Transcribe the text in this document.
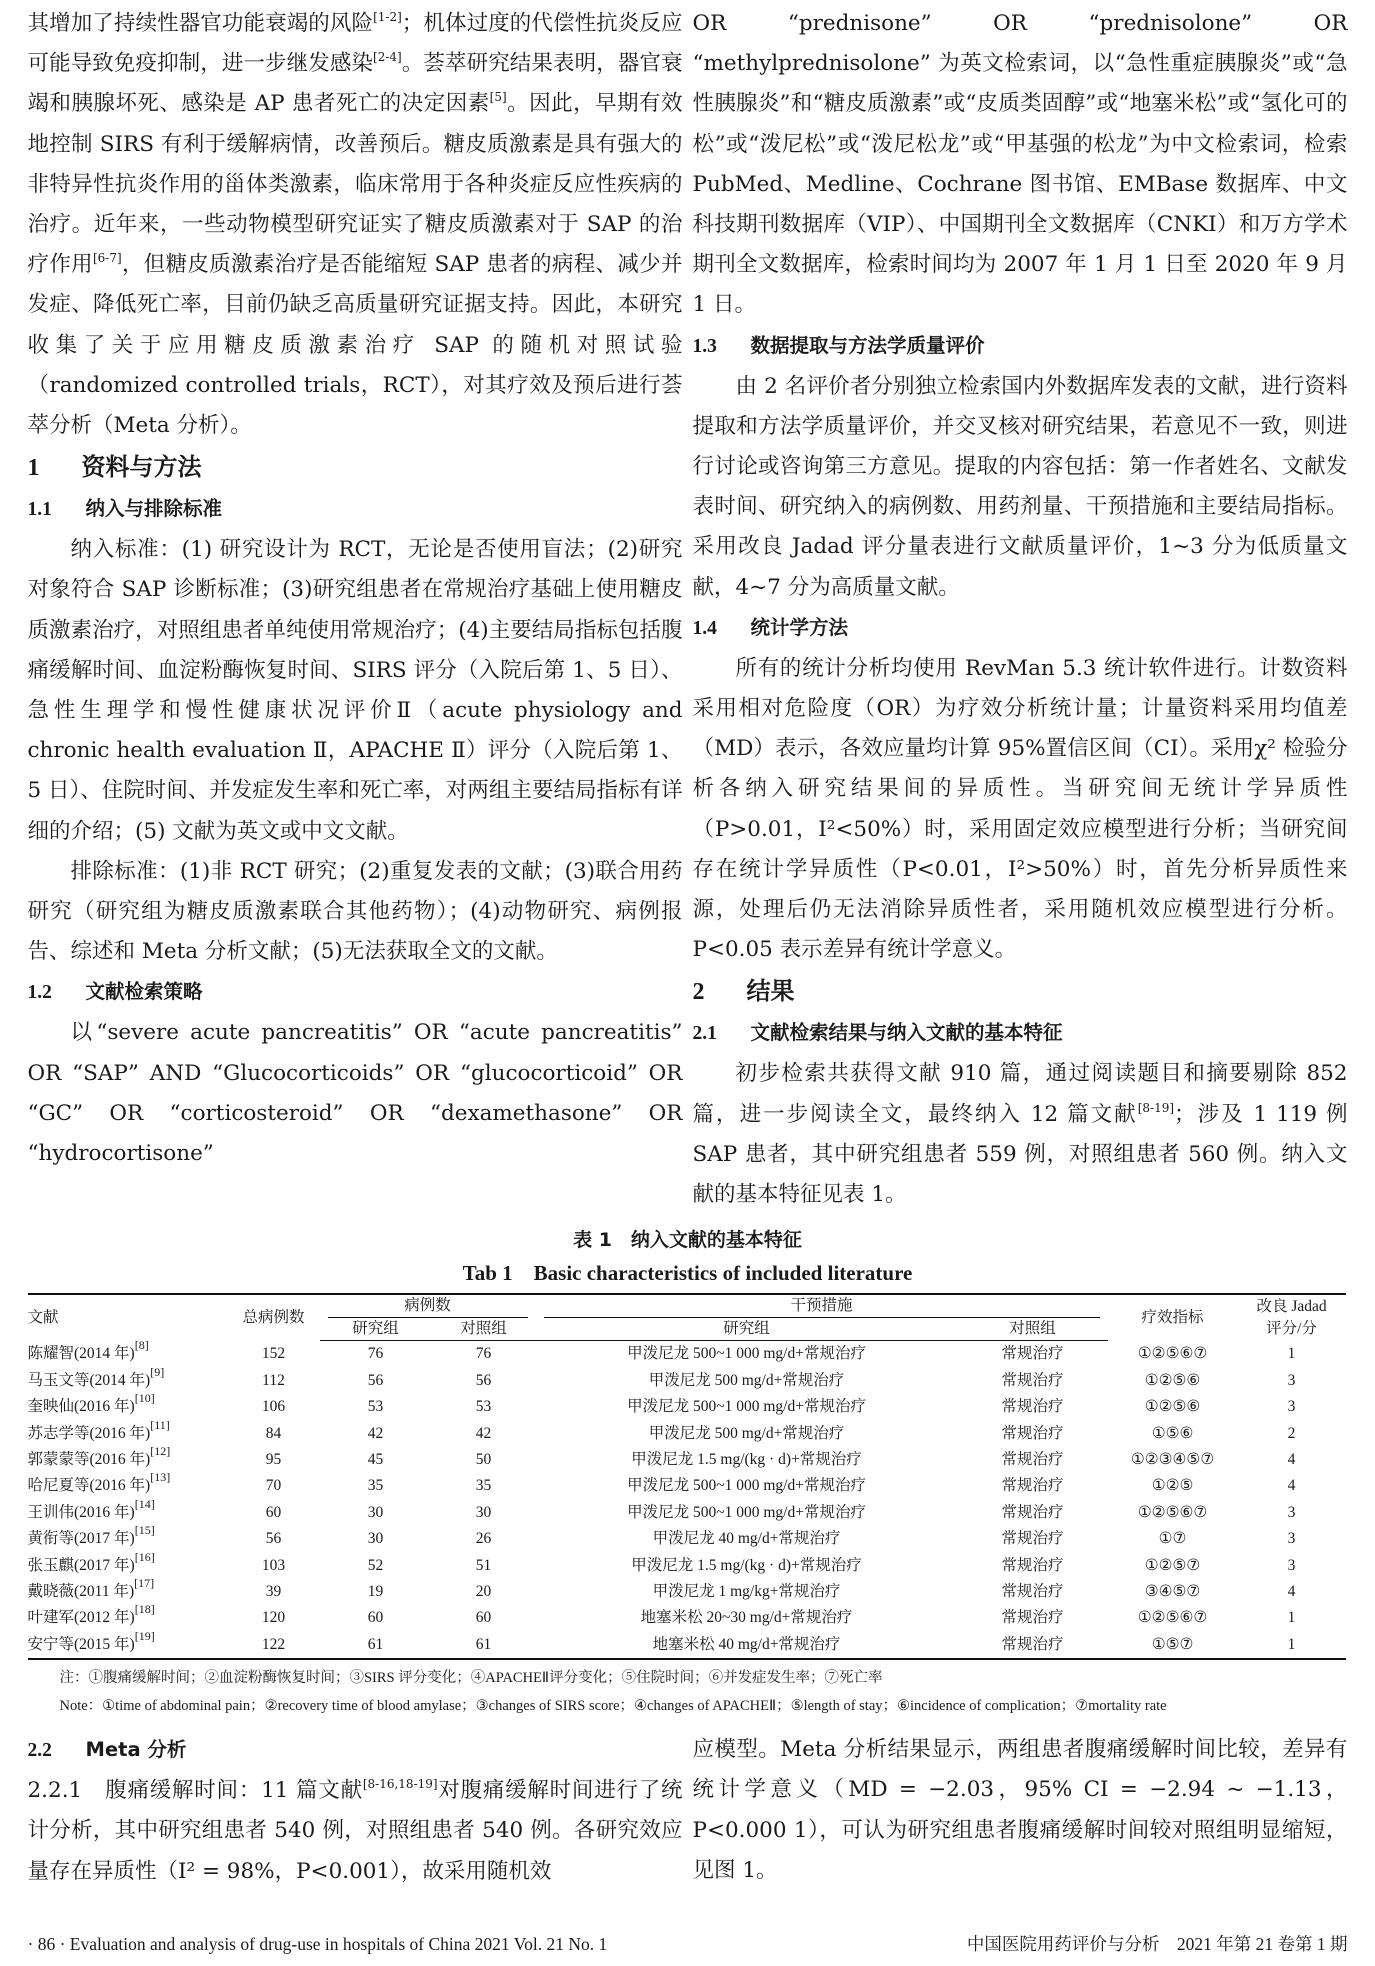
其增加了持续性器官功能衰竭的风险[1-2]；机体过度的代偿性抗炎反应可能导致免疫抑制，进一步继发感染[2-4]。荟萃研究结果表明，器官衰竭和胰腺坏死、感染是 AP 患者死亡的决定因素[5]。因此，早期有效地控制 SIRS 有利于缓解病情，改善预后。糖皮质激素是具有强大的非特异性抗炎作用的甾体类激素，临床常用于各种炎症反应性疾病的治疗。近年来，一些动物模型研究证实了糖皮质激素对于 SAP 的治疗作用[6-7]，但糖皮质激素治疗是否能缩短 SAP 患者的病程、减少并发症、降低死亡率，目前仍缺乏高质量研究证据支持。因此，本研究收集了关于应用糖皮质激素治疗 SAP 的随机对照试验（randomized controlled trials，RCT），对其疗效及预后进行荟萃分析（Meta 分析）。

1 资料与方法
1.1 纳入与排除标准

纳入标准：(1) 研究设计为 RCT，无论是否使用盲法；(2)研究对象符合 SAP 诊断标准；(3)研究组患者在常规治疗基础上使用糖皮质激素治疗，对照组患者单纯使用常规治疗；(4)主要结局指标包括腹痛缓解时间、血淀粉酶恢复时间、SIRS 评分（入院后第 1、5 日）、急性生理学和慢性健康状况评价Ⅱ（acute physiology and chronic health evaluation Ⅱ，APACHE Ⅱ）评分（入院后第 1、5 日）、住院时间、并发症发生率和死亡率，对两组主要结局指标有详细的介绍；(5) 文献为英文或中文文献。

排除标准：(1)非 RCT 研究；(2)重复发表的文献；(3)联合用药研究（研究组为糖皮质激素联合其他药物）；(4)动物研究、病例报告、综述和 Meta 分析文献；(5)无法获取全文的文献。

1.2 文献检索策略

以“severe acute pancreatitis” OR “acute pancreatitis” OR “SAP” AND “Glucocorticoids” OR “glucocorticoid” OR “GC” OR “corticosteroid” OR “dexamethasone” OR “hydrocortisone”

OR “prednisone” OR “prednisolone” OR “methylprednisolone” 为英文检索词，以“急性重症胰腺炎”或“急性胰腺炎”和“糖皮质激素”或“皮质类固醇”或“地塞米松”或“氢化可的松”或“泼尼松”或“泼尼松龙”或“甲基强的松龙”为中文检索词，检索 PubMed、Medline、Cochrane 图书馆、EMBase 数据库、中文科技期刊数据库（VIP）、中国期刊全文数据库（CNKI）和万方学术期刊全文数据库，检索时间均为 2007 年 1 月 1 日至 2020 年 9 月 1 日。

1.3 数据提取与方法学质量评价

由 2 名评价者分别独立检索国内外数据库发表的文献，进行资料提取和方法学质量评价，并交叉核对研究结果，若意见不一致，则进行讨论或咨询第三方意见。提取的内容包括：第一作者姓名、文献发表时间、研究纳入的病例数、用药剂量、干预措施和主要结局指标。采用改良 Jadad 评分量表进行文献质量评价，1~3 分为低质量文献，4~7 分为高质量文献。

1.4 统计学方法

所有的统计分析均使用 RevMan 5.3 统计软件进行。计数资料采用相对危险度（OR）为疗效分析统计量；计量资料采用均值差（MD）表示，各效应量均计算 95%置信区间（CI）。采用χ² 检验分析各纳入研究结果间的异质性。当研究间无统计学异质性（P>0.01，I²<50%）时，采用固定效应模型进行分析；当研究间存在统计学异质性（P<0.01，I²>50%）时，首先分析异质性来源，处理后仍无法消除异质性者，采用随机效应模型进行分析。P<0.05 表示差异有统计学意义。

2 结果
2.1 文献检索结果与纳入文献的基本特征

初步检索共获得文献 910 篇，通过阅读题目和摘要剔除 852 篇，进一步阅读全文，最终纳入 12 篇文献[8-19]；涉及 1 119 例 SAP 患者，其中研究组患者 559 例，对照组患者 560 例。纳入文献的基本特征见表 1。

表 1　纳入文献的基本特征
Tab 1　Basic characteristics of included literature
文献	总病例数	病例数		干预措施		疗效指标	改良 Jadad
评分/分
		研究组	对照组	研究组	对照组		
陈耀智(2014 年)[8]	152	76	76	甲泼尼龙 500~1 000 mg/d+常规治疗	常规治疗	①②⑤⑥⑦	1
马玉文等(2014 年)[9]	112	56	56	甲泼尼龙 500 mg/d+常规治疗	常规治疗	①②⑤⑥	3
奎映仙(2016 年)[10]	106	53	53	甲泼尼龙 500~1 000 mg/d+常规治疗	常规治疗	①②⑤⑥	3
苏志学等(2016 年)[11]	84	42	42	甲泼尼龙 500 mg/d+常规治疗	常规治疗	①⑤⑥	2
郭蒙蒙等(2016 年)[12]	95	45	50	甲泼尼龙 1.5 mg/(kg · d)+常规治疗	常规治疗	①②③④⑤⑦	4
哈尼夏等(2016 年)[13]	70	35	35	甲泼尼龙 500~1 000 mg/d+常规治疗	常规治疗	①②⑤	4
王训伟(2016 年)[14]	60	30	30	甲泼尼龙 500~1 000 mg/d+常规治疗	常规治疗	①②⑤⑥⑦	3
黄衔等(2017 年)[15]	56	30	26	甲泼尼龙 40 mg/d+常规治疗	常规治疗	①⑦	3
张玉麒(2017 年)[16]	103	52	51	甲泼尼龙 1.5 mg/(kg · d)+常规治疗	常规治疗	①②⑤⑦	3
戴晓薇(2011 年)[17]	39	19	20	甲泼尼龙 1 mg/kg+常规治疗	常规治疗	③④⑤⑦	4
叶建军(2012 年)[18]	120	60	60	地塞米松 20~30 mg/d+常规治疗	常规治疗	①②⑤⑥⑦	1
安宁等(2015 年)[19]	122	61	61	地塞米松 40 mg/d+常规治疗	常规治疗	①⑤⑦	1
注：①腹痛缓解时间；②血淀粉酶恢复时间；③SIRS 评分变化；④APACHEⅡ评分变化；⑤住院时间；⑥并发症发生率；⑦死亡率
Note：①time of abdominal pain；②recovery time of blood amylase；③changes of SIRS score；④changes of APACHEⅡ；⑤length of stay；⑥incidence of complication；⑦mortality rate
2.2 Meta 分析

2.2.1　腹痛缓解时间：11 篇文献[8-16,18-19]对腹痛缓解时间进行了统计分析，其中研究组患者 540 例，对照组患者 540 例。各研究效应量存在异质性（I² = 98%，P<0.001），故采用随机效

应模型。Meta 分析结果显示，两组患者腹痛缓解时间比较，差异有统计学意义（MD = −2.03，95% CI = −2.94 ~ −1.13，P<0.000 1），可认为研究组患者腹痛缓解时间较对照组明显缩短，见图 1。

· 86 · Evaluation and analysis of drug-use in hospitals of China 2021 Vol. 21 No. 1	中国医院用药评价与分析　2021 年第 21 卷第 1 期
